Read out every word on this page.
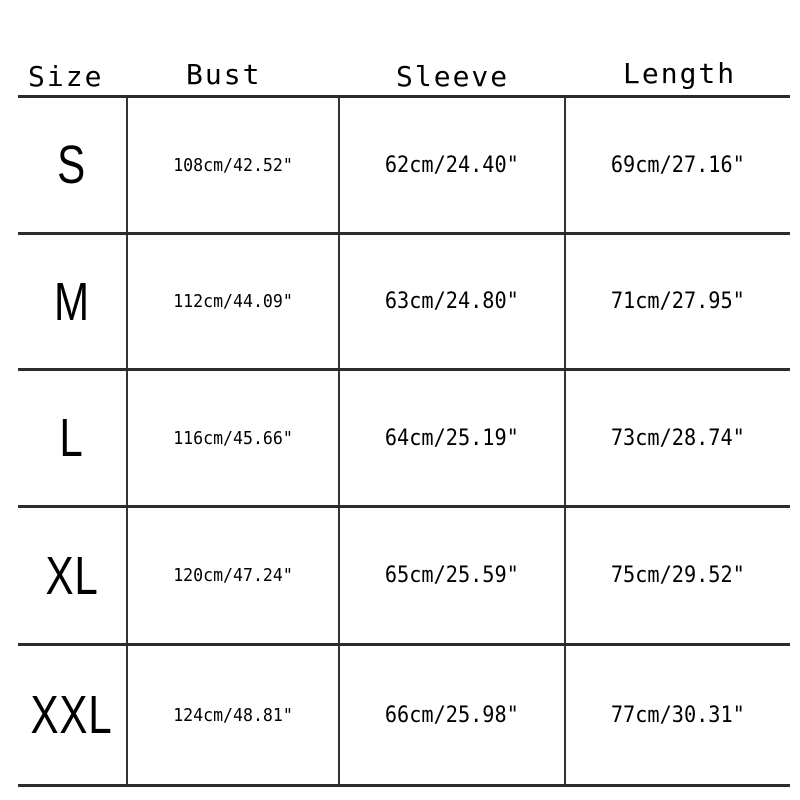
Size	Bust	Sleeve	Length
S	108cm/42.52"	62cm/24.40"	69cm/27.16"
M	112cm/44.09"	63cm/24.80"	71cm/27.95"
L	116cm/45.66"	64cm/25.19"	73cm/28.74"
XL	120cm/47.24"	65cm/25.59"	75cm/29.52"
XXL	124cm/48.81"	66cm/25.98"	77cm/30.31"
